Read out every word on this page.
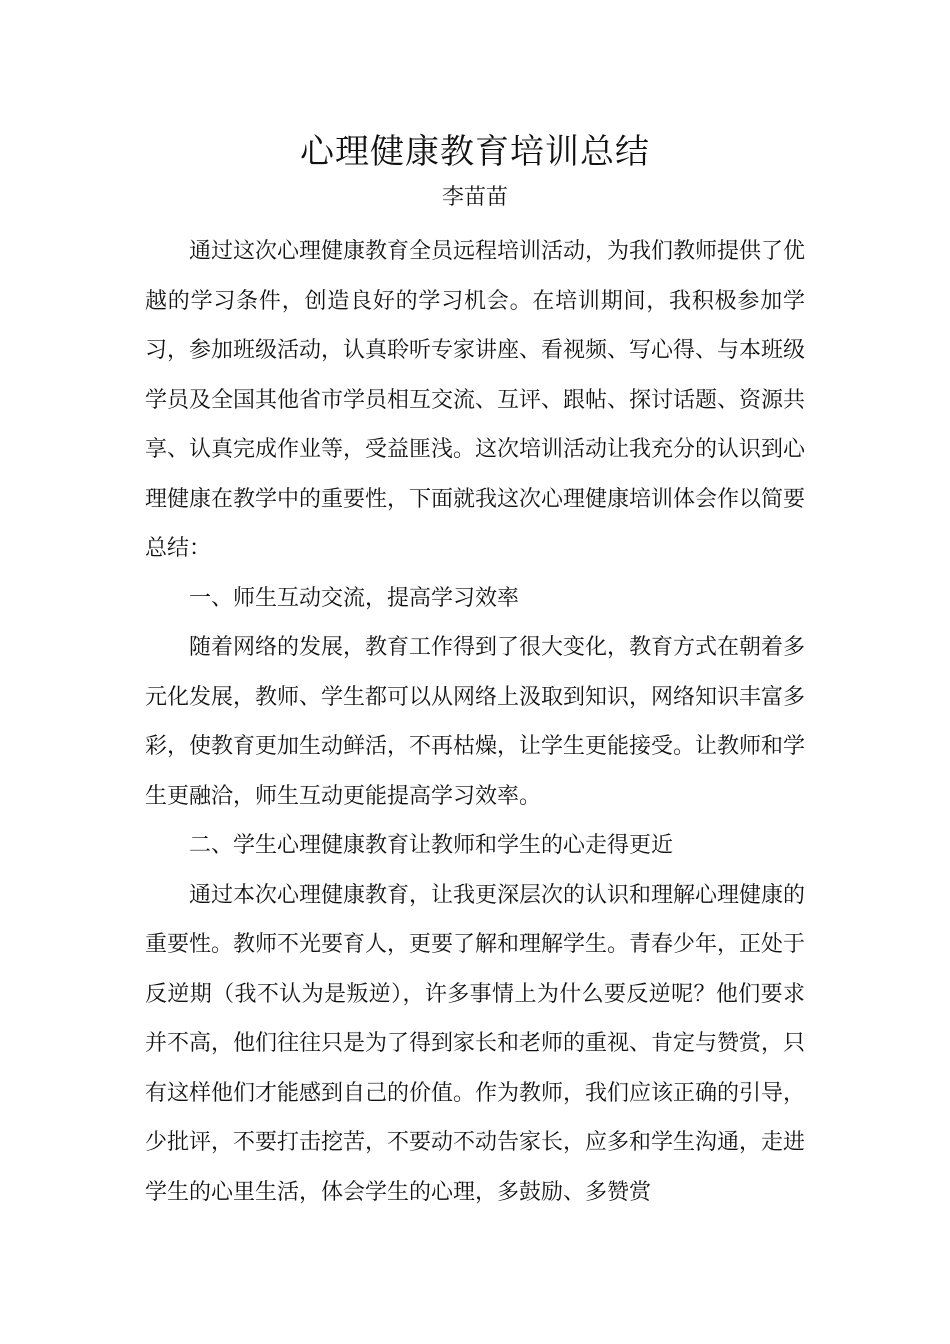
心理健康教育培训总结
李苗苗

通过这次心理健康教育全员远程培训活动，为我们教师提供了优越的学习条件，创造良好的学习机会。在培训期间，我积极参加学习，参加班级活动，认真聆听专家讲座、看视频、写心得、与本班级学员及全国其他省市学员相互交流、互评、跟帖、探讨话题、资源共享、认真完成作业等，受益匪浅。这次培训活动让我充分的认识到心理健康在教学中的重要性，下面就我这次心理健康培训体会作以简要总结：

一、师生互动交流，提高学习效率

随着网络的发展，教育工作得到了很大变化，教育方式在朝着多元化发展，教师、学生都可以从网络上汲取到知识，网络知识丰富多彩，使教育更加生动鲜活，不再枯燥，让学生更能接受。让教师和学生更融洽，师生互动更能提高学习效率。

二、学生心理健康教育让教师和学生的心走得更近

通过本次心理健康教育，让我更深层次的认识和理解心理健康的重要性。教师不光要育人，更要了解和理解学生。青春少年，正处于反逆期（我不认为是叛逆），许多事情上为什么要反逆呢？他们要求并不高，他们往往只是为了得到家长和老师的重视、肯定与赞赏，只有这样他们才能感到自己的价值。作为教师，我们应该正确的引导，少批评，不要打击挖苦，不要动不动告家长，应多和学生沟通，走进学生的心里生活，体会学生的心理，多鼓励、多赞赏
